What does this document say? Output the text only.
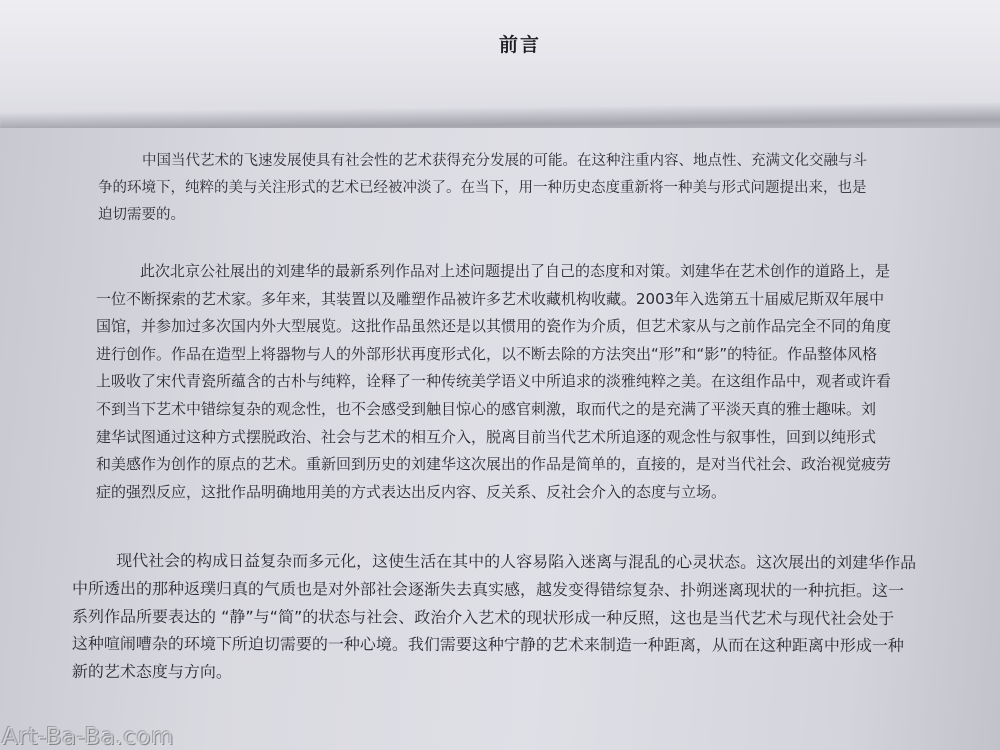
前言
中国当代艺术的飞速发展使具有社会性的艺术获得充分发展的可能。在这种注重内容、地点性、充满文化交融与斗
争的环境下，纯粹的美与关注形式的艺术已经被冲淡了。在当下，用一种历史态度重新将一种美与形式问题提出来，也是
迫切需要的。
此次北京公社展出的刘建华的最新系列作品对上述问题提出了自己的态度和对策。刘建华在艺术创作的道路上，是
一位不断探索的艺术家。多年来，其装置以及雕塑作品被许多艺术收藏机构收藏。2003年入选第五十届威尼斯双年展中
国馆，并参加过多次国内外大型展览。这批作品虽然还是以其惯用的瓷作为介质，但艺术家从与之前作品完全不同的角度
进行创作。作品在造型上将器物与人的外部形状再度形式化，以不断去除的方法突出“形”和“影”的特征。作品整体风格
上吸收了宋代青瓷所蕴含的古朴与纯粹，诠释了一种传统美学语义中所追求的淡雅纯粹之美。在这组作品中，观者或许看
不到当下艺术中错综复杂的观念性，也不会感受到触目惊心的感官刺激，取而代之的是充满了平淡天真的雅士趣味。刘
建华试图通过这种方式摆脱政治、社会与艺术的相互介入，脱离目前当代艺术所追逐的观念性与叙事性，回到以纯形式
和美感作为创作的原点的艺术。重新回到历史的刘建华这次展出的作品是简单的，直接的，是对当代社会、政治视觉疲劳
症的强烈反应，这批作品明确地用美的方式表达出反内容、反关系、反社会介入的态度与立场。
现代社会的构成日益复杂而多元化，这使生活在其中的人容易陷入迷离与混乱的心灵状态。这次展出的刘建华作品
中所透出的那种返璞归真的气质也是对外部社会逐渐失去真实感，越发变得错综复杂、扑朔迷离现状的一种抗拒。这一
系列作品所要表达的 “静”与“简”的状态与社会、政治介入艺术的现状形成一种反照，这也是当代艺术与现代社会处于
这种喧闹嘈杂的环境下所迫切需要的一种心境。我们需要这种宁静的艺术来制造一种距离，从而在这种距离中形成一种
新的艺术态度与方向。
Art-Ba-Ba.com
